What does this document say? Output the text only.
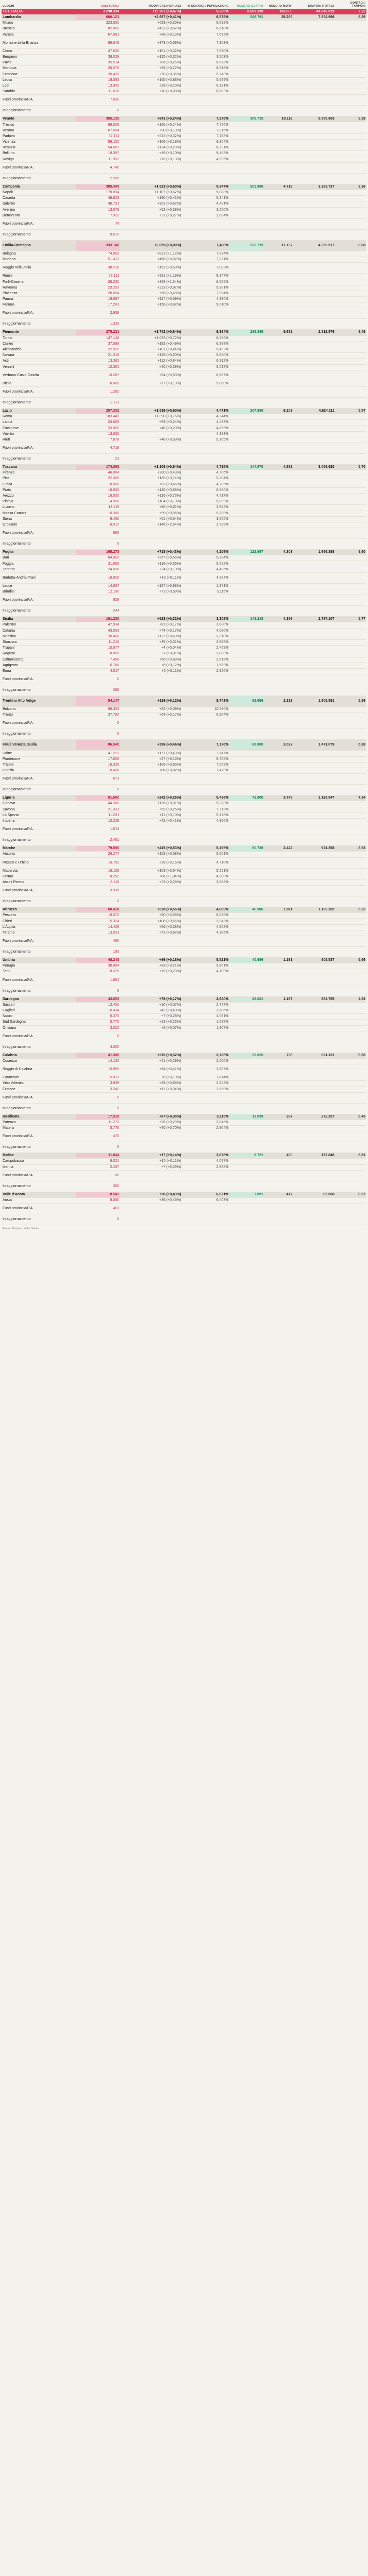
LUOGHI	CASI TOTALI	NUOVI CASI (VARIAZ.)	% CONTAGI / POPOLAZIONE	NUMERO GUARITI	NUMERO MORTI	TAMPONI (TOTALI)	CONTAGI / TAMPONI
TOT. ITALIA	3.238.394	+15.267 (+0,47%)	5,366%	2.609.339	103.000	44.842.019	7,22
Lombardia	660.121	+2.687 (+0,41%)	6,579%	546.791	29.299	7.954.998	8,29
Milano	223.560	+658 (+0,30%)	6,632%				
Brescia	82.809	+431 (+0,52%)	6,518%				
Varese	67.981	+86 (+0,13%)	7,672%				
Monza e della Brianza	65.648	+373 (+0,59%)	7,303%				
Como	47.630	+151 (+0,32%)	7,970%				
Bergamo	39.028	+125 (+0,32%)	3,503%				
Pavia	35.514	+86 (+0,25%)	6,572%				
Mantova	26.579	+56 (+0,22%)	6,512%				
Cremona	20.439	+70 (+0,36%)	5,743%				
Lecco	19.093	+165 (+0,88%)	5,689%				
Lodi	13.942	+28 (+0,20%)	6,131%				
Sondrio	11.878	+10 (+0,08%)	6,583%				
Fuori provincia/P.A.	7.830						
In aggiornamento	0						
Veneto	355.135	+841 (+0,24%)	7,276%	306.715	10.116	5.955.603	8,39
Treviso	68.009	+160 (+0,24%)	7,776%				
Verona	67.604	+90 (+0,13%)	7,315%				
Padova	67.111	+212 (+0,32%)	7,188%				
Vicenza	59.150	+106 (+0,18%)	6,804%				
Venezia	54.667	+124 (+0,23%)	6,391%				
Belluno	19.397	+19 (+0,10%)	9,462%				
Rovigo	11.952	+15 (+0,13%)	4,985%				
Fuori provincia/P.A.	4.740						
In aggiornamento	2.505						
Campania	305.445	+1.823 (+0,60%)	5,347%	203.880	4.719	3.263.727	9,36
Napoli	178.894	+1.107 (+0,62%)	5,888%				
Caserta	46.803	+190 (+0,41%)	5,341%				
Salerno	48.731	+301 (+0,62%)	4,421%				
Avellino	13.578	+52 (+0,38%)	3,200%				
Benevento	7.922	+21 (+0,27%)	2,894%				
Fuori provincia/P.A.	74						
In aggiornamento	9.672						
Emilia-Romagna	333.148	+2.659 (+0,80%)	7,468%	222.719	11.137	4.356.517	8,08
Bologna	74.093	+822 (+1,12%)	7,234%				
Modena	51.412	+468 (+0,92%)	7,271%				
Reggio nell'Emilia	38.218	+192 (+0,50%)	7,082%				
Rimini	28.111	+331 (+1,19%)	8,347%				
Forlì-Cesena	26.230	+346 (+1,34%)	6,655%				
Ravenna	23.203	+223 (+0,97%)	5,981%				
Piacenza	20.054	+96 (+0,48%)	7,054%				
Parma	19.897	+117 (+0,59%)	4,390%				
Ferrara	17.261	+158 (+0,92%)	5,010%				
Fuori provincia/P.A.	2.938						
In aggiornamento	1.333						
Piemonte	275.221	+1.742 (+0,64%)	6,384%	239.336	9.682	2.812.976	8,49
Torino	147.148	+1.053 (+0,72%)	6,566%				
Cuneo	37.598	+182 (+0,49%)	6,388%				
Alessandria	22.929	+101 (+0,44%)	5,492%				
Novara	21.319	+126 (+0,60%)	5,840%				
Asti	13.382	+112 (+0,84%)	6,312%				
Vercelli	10.381	+40 (+0,39%)	6,017%				
Verbano-Cusio-Ossola	10.287	+54 (+0,53%)	6,587%				
Biella	8.889	+17 (+0,19%)	5,080%				
Fuori provincia/P.A.	1.282						
In aggiornamento	2.113						
Lazio	257.332	+1.536 (+0,60%)	4,471%	207.980	6.203	4.624.111	5,57
Roma	183.449	+1.390 (+0,76%)	4,344%				
Latina	24.809	+59 (+0,24%)	4,433%				
Frosinone	23.069	+46 (+0,20%)	4,655%				
Viterbo	13.630		4,383%				
Rieti	7.878	+46 (+0,59%)	5,165%				
Fuori provincia/P.A.	4.718						
In aggiornamento	21						
Toscana	174.098	+1.108 (+0,64%)	4,715%	144.970	4.952	3.056.620	5,70
Firenze	46.884	+200 (+0,43%)	4,706%				
Pisa	22.369	+165 (+0,74%)	5,284%				
Lucca	18.000	+83 (+0,46%)	4,705%				
Prato	16.830	+146 (+0,88%)	6,560%				
Arezzo	16.000	+116 (+0,73%)	4,717%				
Pistoia	14.906	+104 (+0,70%)	5,099%				
Livorno	13.119	+80 (+0,61%)	3,952%				
Massa Carrara	10.388	+99 (+0,96%)	5,329%				
Siena	9.430	+51 (+0,54%)	3,556%				
Grosseto	6.017	+148 (+2,54%)	2,739%				
Fuori provincia/P.A.	885						
In aggiornamento	0						
Puglia	165.273	+715 (+0,43%)	4,206%	122.997	4.303	1.696.388	9,90
Bari	64.952	+357 (+0,55%)	5,284%				
Foggia	31.665	+116 (+0,36%)	5,272%				
Taranto	24.656	+24 (+0,10%)	4,406%				
Barletta-Andria-Trani	16.920	+19 (+0,11%)	4,397%				
Lecce	14.637	+127 (+0,88%)	1,871%				
Brindisi	12.190	+72 (+0,59%)	3,115%				
Fuori provincia/P.A.	929						
In aggiornamento	244						
Sicilia	161.230	+523 (+0,32%)	3,309%	143.218	4.356	2.797.107	5,77
Palermo	47.934	+82 (+0,17%)	3,830%				
Catania	43.053	+74 (+0,17%)	4,080%				
Messina	20.450	+122 (+0,60%)	3,310%				
Siracusa	11.216	+35 (+0,31%)	2,885%				
Trapani	10.677	+4 (+0,04%)	2,469%				
Ragusa	8.855	+1 (+0,01%)	2,808%				
Caltanissetta	7.456	+66 (+0,89%)	2,913%				
Agrigento	6.786	+8 (+0,12%)	1,599%				
Enna	4.517	+5 (+0,11%)	2,820%				
Fuori provincia/P.A.	0						
In aggiornamento	296						
Trentino Alto Adige	94.147	+116 (+0,12%)	8,742%	83.656	2.323	1.609.591	5,86
Bolzano	56.353	+52 (+0,09%)	10,580%				
Trento	37.794	+64 (+0,17%)	6,954%				
Fuori provincia/P.A.	0						
In aggiornamento	0						
Friuli Venezia Giulia	86.540	+396 (+0,46%)	7,176%	68.000	3.027	1.471.079	5,88
Udine	41.223	+177 (+0,43%)	7,547%				
Pordenone	17.808	+27 (+0,15%)	5,705%				
Trieste	16.328	+106 (+0,65%)	7,009%				
Gorizia	10.436	+86 (+0,82%)	7,479%				
Fuori provincia/P.A.	671						
In aggiornamento	0						
Liguria	91.680	+242 (+0,26%)	5,436%	73.800	3.749	1.126.547	7,34
Genova	44.300	+136 (+0,31%)	5,373%				
Savona	21.331	+53 (+0,25%)	7,712%				
La Spezia	11.291	+11 (+0,10%)	5,176%				
Imperia	10.229	+42 (+0,41%)	4,950%				
Fuori provincia/P.A.	1.614						
In aggiornamento	2.461						
Marche	79.590	+415 (+0,53%)	5,195%	60.736	2.422	921.358	8,53
Ancona	26.274	+153 (+0,58%)	5,601%				
Pesaro e Urbino	16.792	+28 (+0,16%)	4,710%				
Macerata	16.159	+103 (+0,64%)	5,221%				
Fermo	8.252	+86 (+1,04%)	4,900%				
Ascoli Piceno	8.118	+23 (+0,28%)	3,942%				
Fuori provincia/P.A.	3.996						
In aggiornamento	0						
Abruzzo	60.418	+328 (+0,55%)	4,669%	46.986	1.811	1.136.202	5,32
Pescara	19.072	+90 (+0,56%)	6,036%				
Chieti	15.324	+108 (+0,66%)	3,942%				
L'Aquila	14.429	+56 (+0,38%)	4,868%				
Teramo	13.031	+72 (+0,62%)	4,195%				
Fuori provincia/P.A.	490						
In aggiornamento	193						
Umbria	48.243	+86 (+0,18%)	5,521%	40.986	1.161	809.537	5,96
Perugia	38.984	+83 (+0,21%)	5,861%				
Terni	8.375	+19 (+0,23%)	4,109%				
Fuori provincia/P.A.	1.884						
In aggiornamento	0						
Sardegna	43.053	+78 (+0,17%)	2,640%	28.021	1.197	864.765	4,92
Sassari	13.452	+10 (+0,07%)	2,777%				
Cagliari	10.434	+42 (+0,40%)	2,686%				
Nuoro	6.375	+7 (+0,28%)	4,081%				
Sud Sardegna	5.770	+13 (+0,23%)	1,638%				
Oristano	3.022	+2 (+0,07%)	1,967%				
Fuori provincia/P.A.	0						
In aggiornamento	4.000						
Calabria	41.388	+215 (+0,52%)	2,136%	33.026	736	621.131	6,66
Cosenza	14.132	+41 (+0,29%)	2,000%				
Reggio di Calabria	15.895	+64 (+0,41%)	2,887%				
Catanzaro	5.831	+6 (+0,10%)	1,614%				
Vibo Valentia	3.939	+33 (+0,85%)	2,544%				
Crotone	3.242	+11 (+0,34%)	1,859%				
Fuori provincia/P.A.	0						
In aggiornamento	0						
Basilicata	17.519	+67 (+0,38%)	3,115%	13.039	387	272.257	6,43
Potenza	11.273	+26 (+0,23%)	3,046%				
Matera	5.776	+40 (+0,70%)	2,964%				
Fuori provincia/P.A.	470						
In aggiornamento	0						
Molise	11.844	+17 (+0,14%)	3,876%	9.721	400	173.846	6,81
Campobasso	9.021	+10 (+0,11%)	4,077%				
Isernia	2.457	+7 (+0,29%)	2,895%				
Fuori provincia/P.A.	60						
In aggiornamento	306						
Valle d'Aosta	8.541	+36 (+0,43%)	6,671%	7.891	417	83.660	8,97
Aosta	8.080	+36 (+0,45%)	6,403%				
Fuori provincia/P.A.	461						
In aggiornamento	0						
Fonte: Ministero della Salute
